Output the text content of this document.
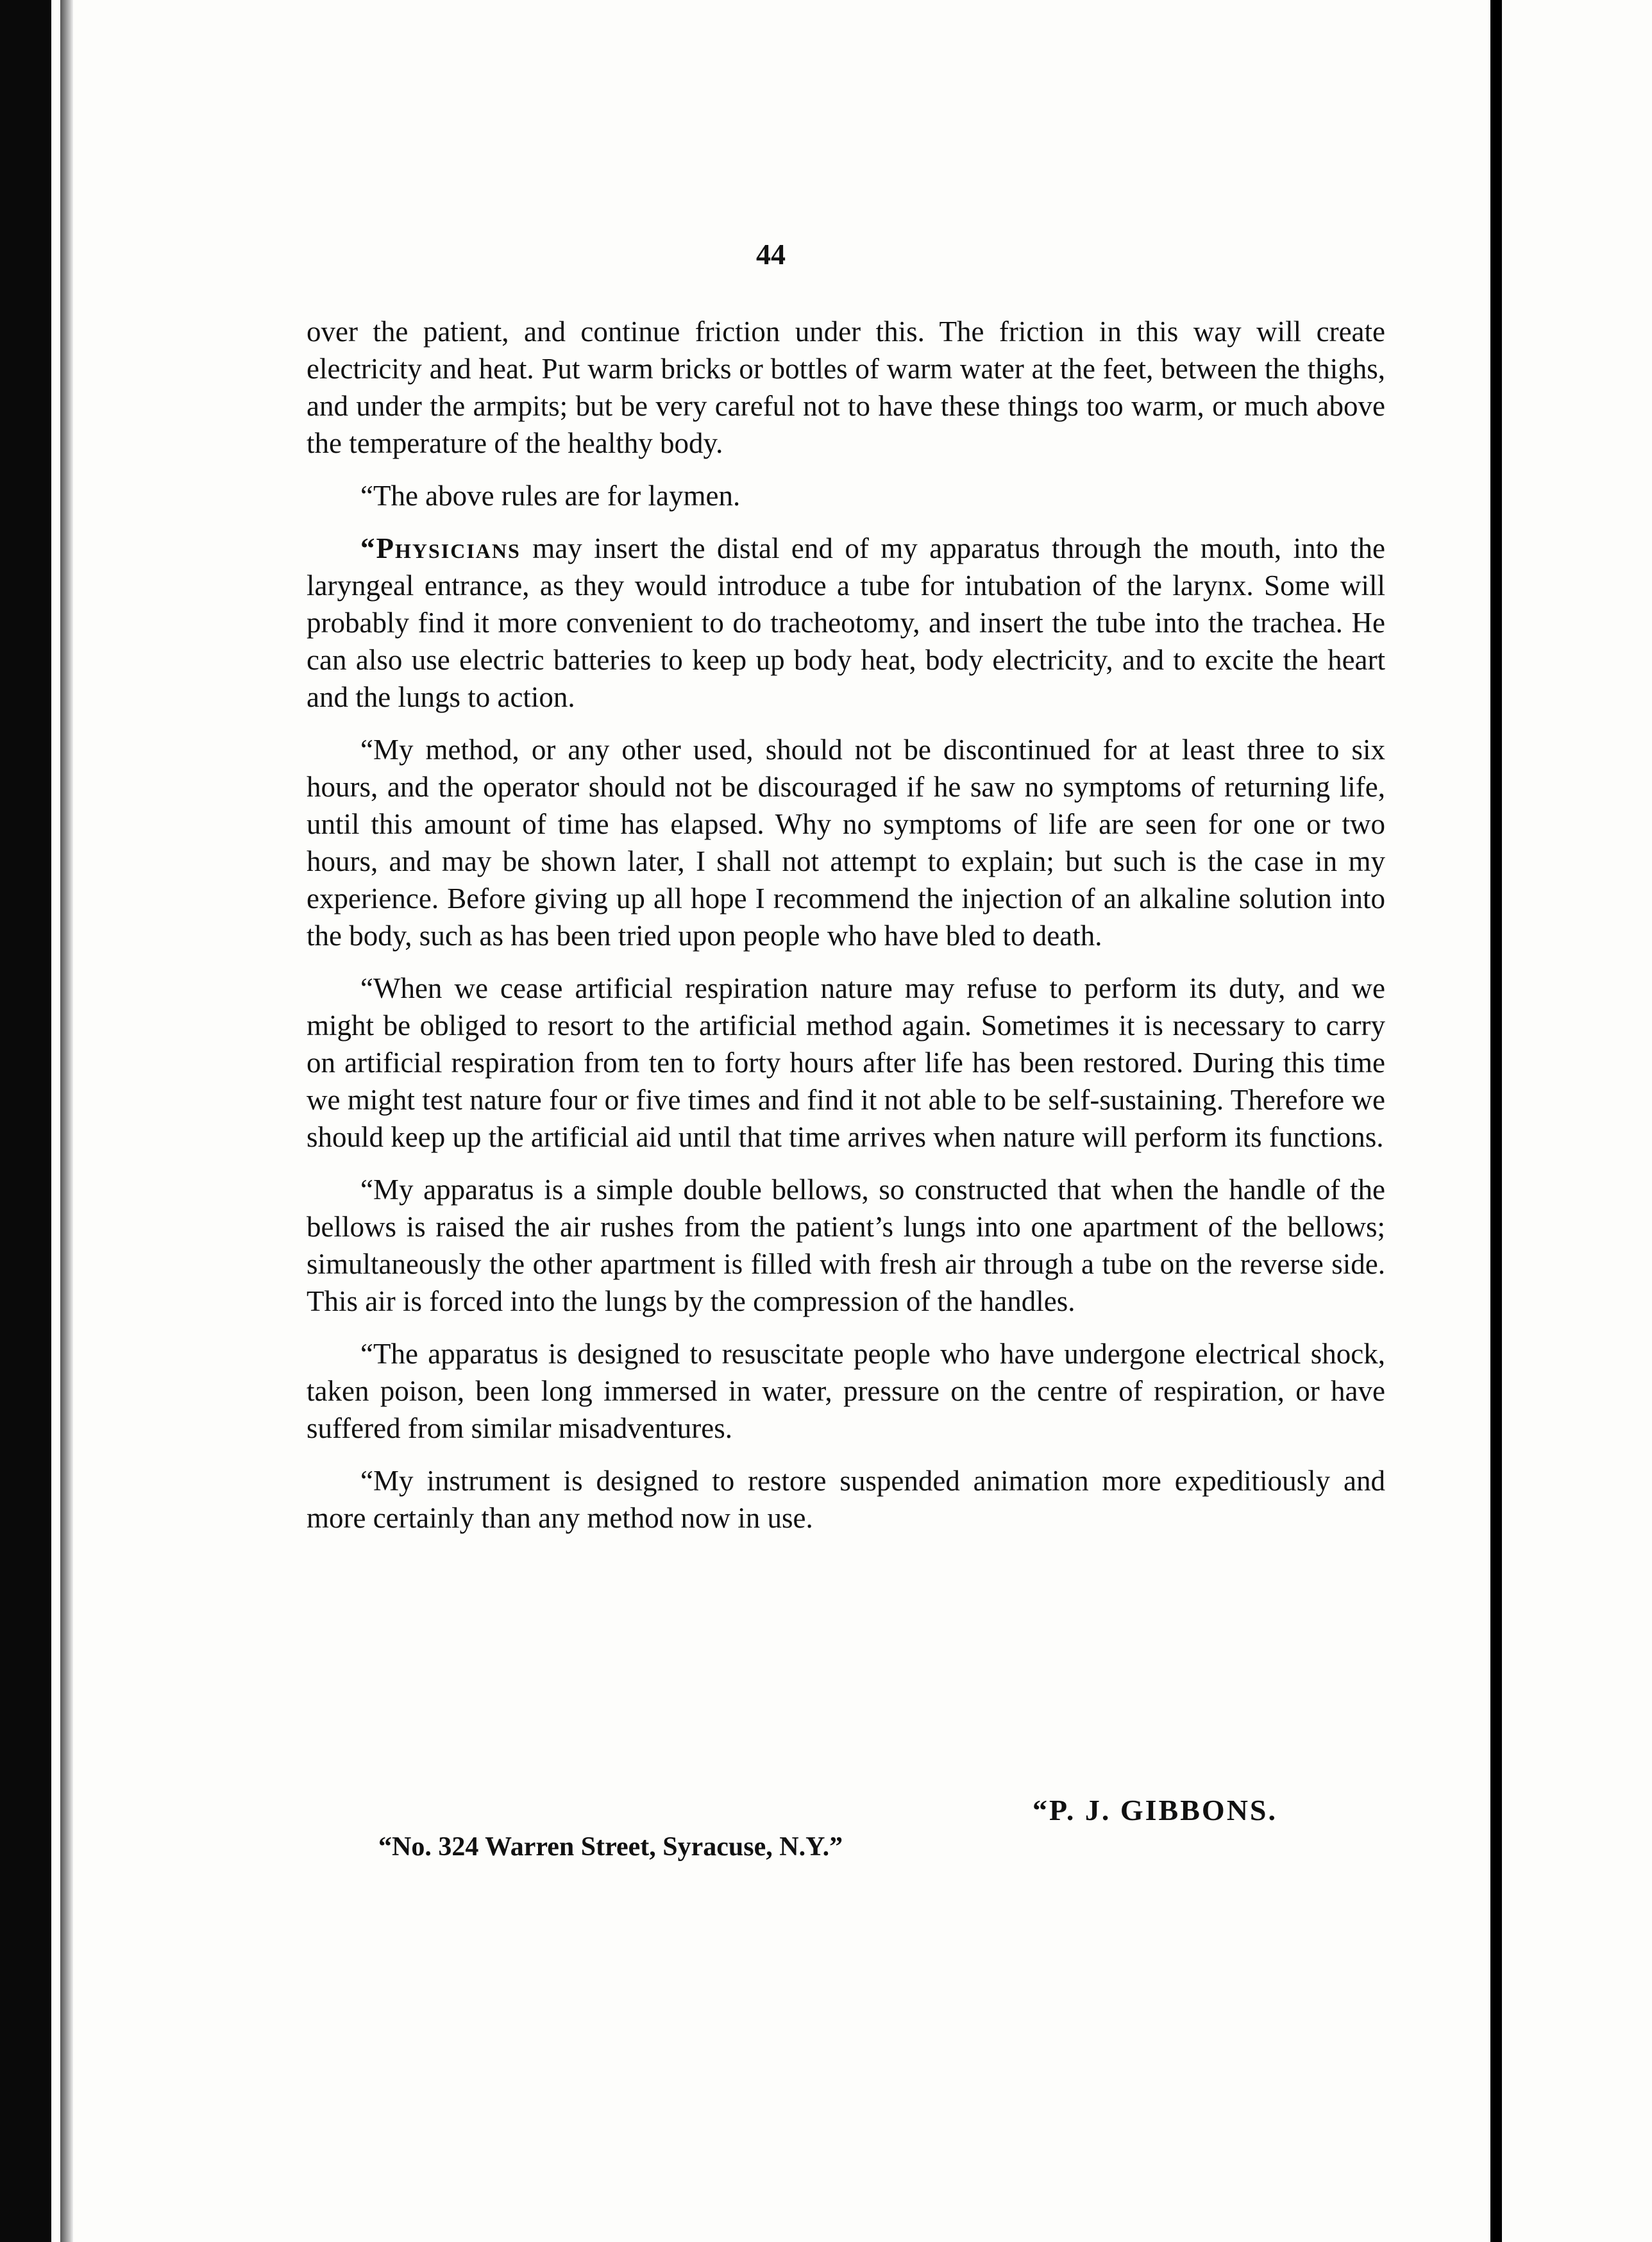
44

over the patient, and continue friction under this. The friction in this way will create electricity and heat. Put warm bricks or bottles of warm water at the feet, between the thighs, and under the armpits; but be very careful not to have these things too warm, or much above the temperature of the healthy body.

“The above rules are for laymen.

“Physicians may insert the distal end of my apparatus through the mouth, into the laryngeal entrance, as they would introduce a tube for intubation of the larynx. Some will probably find it more convenient to do tracheotomy, and insert the tube into the trachea. He can also use electric batteries to keep up body heat, body electricity, and to excite the heart and the lungs to action.

“My method, or any other used, should not be discontinued for at least three to six hours, and the operator should not be discouraged if he saw no symptoms of returning life, until this amount of time has elapsed. Why no symptoms of life are seen for one or two hours, and may be shown later, I shall not attempt to explain; but such is the case in my experience. Before giving up all hope I recommend the injection of an alkaline solution into the body, such as has been tried upon people who have bled to death.

“When we cease artificial respiration nature may refuse to perform its duty, and we might be obliged to resort to the artificial method again. Sometimes it is necessary to carry on artificial respiration from ten to forty hours after life has been restored. During this time we might test nature four or five times and find it not able to be self-sustaining. Therefore we should keep up the artificial aid until that time arrives when nature will perform its functions.

“My apparatus is a simple double bellows, so constructed that when the handle of the bellows is raised the air rushes from the patient’s lungs into one apartment of the bellows; simultaneously the other apartment is filled with fresh air through a tube on the reverse side. This air is forced into the lungs by the compression of the handles.

“The apparatus is designed to resuscitate people who have undergone electrical shock, taken poison, been long immersed in water, pressure on the centre of respiration, or have suffered from similar misadventures.

“My instrument is designed to restore suspended animation more expeditiously and more certainly than any method now in use.

“P. J. GIBBONS.
“No. 324 Warren Street, Syracuse, N.Y.”
